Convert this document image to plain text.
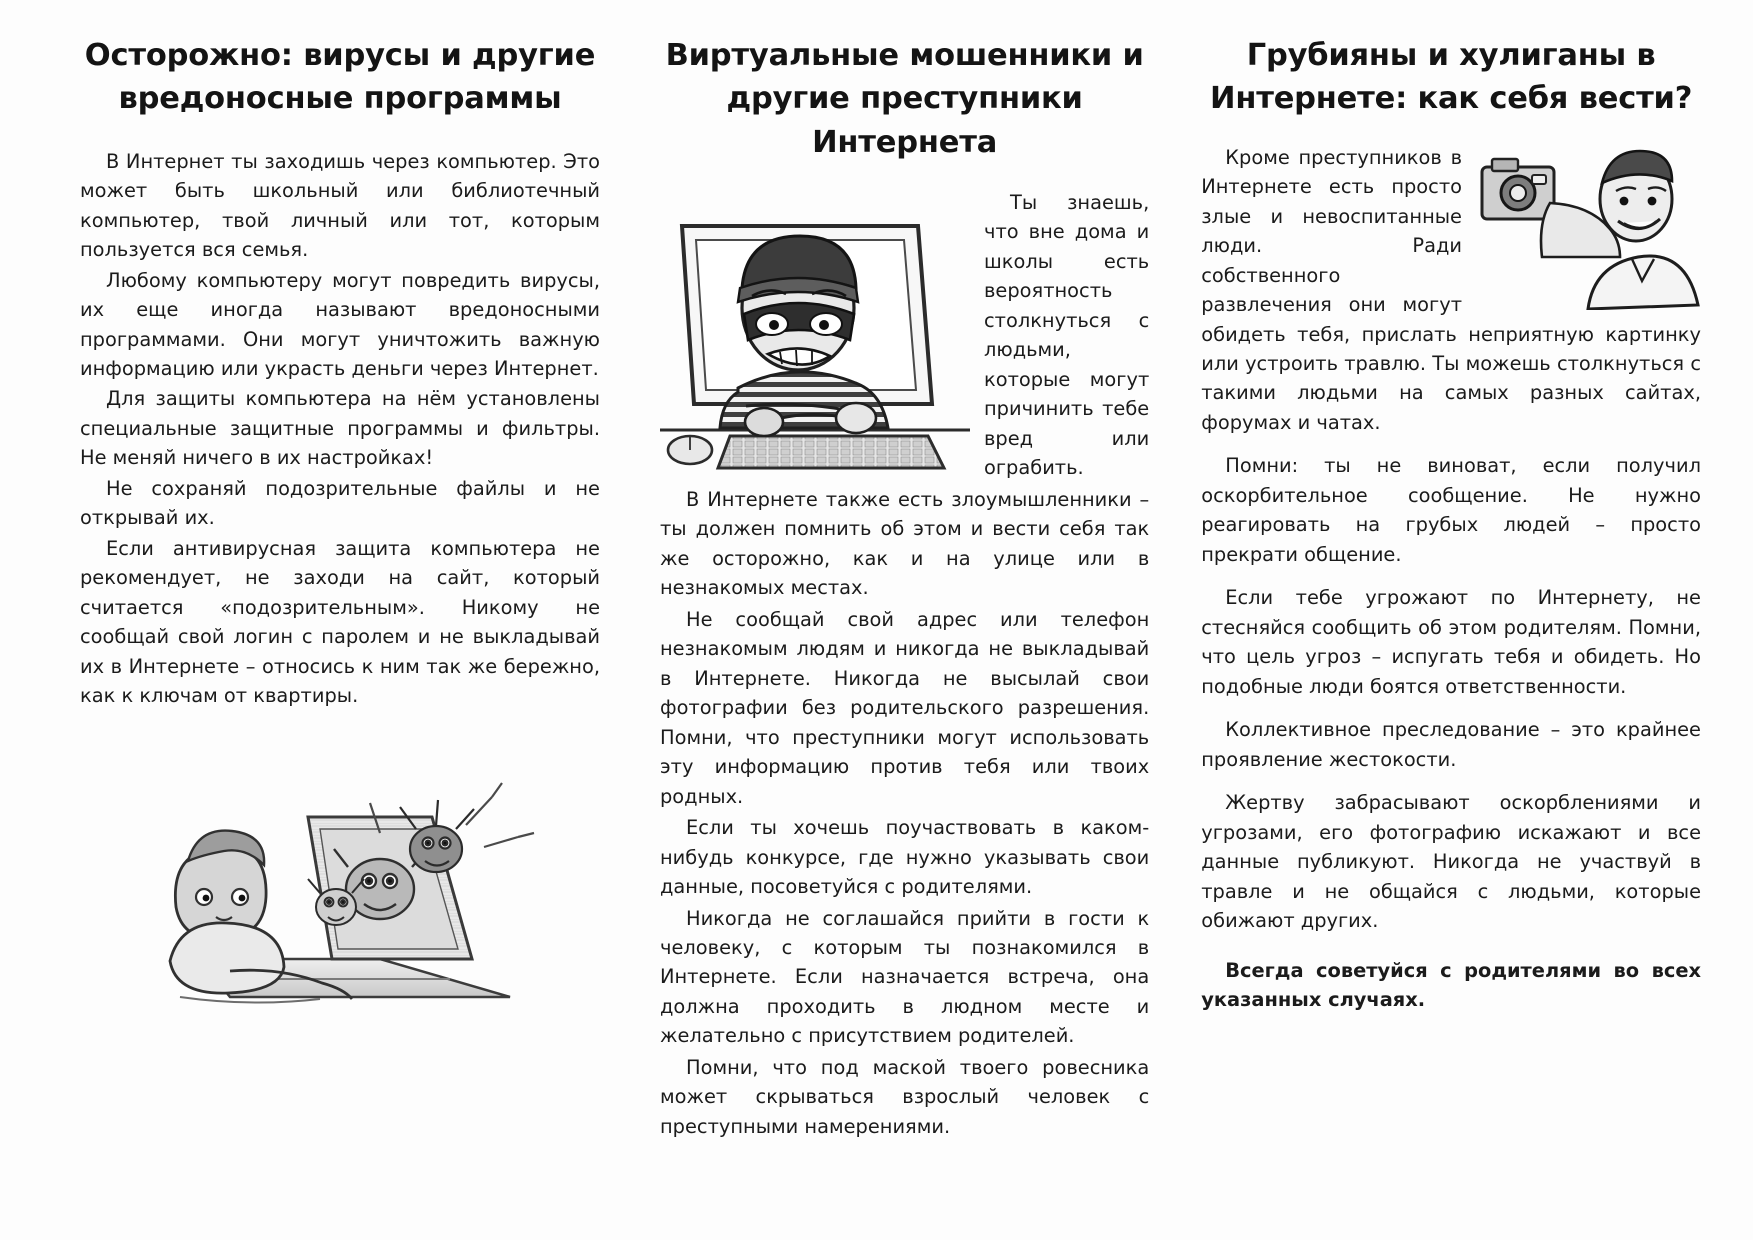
Осторожно: вирусы и другие вредоносные программы

В Интернет ты заходишь через компьютер. Это может быть школьный или библиотечный компьютер, твой личный или тот, которым пользуется вся семья.

Любому компьютеру могут повредить вирусы, их еще иногда называют вредоносными программами. Они могут уничтожить важную информацию или украсть деньги через Интернет.

Для защиты компьютера на нём установлены специальные защитные программы и фильтры. Не меняй ничего в их настройках!

Не сохраняй подозрительные файлы и не открывай их.

Если антивирусная защита компьютера не рекомендует, не заходи на сайт, который считается «подозрительным». Никому не сообщай свой логин с паролем и не выкладывай их в Интернете – относись к ним так же бережно, как к ключам от квартиры.

Виртуальные мошенники и другие преступники Интернета

Ты знаешь, что вне дома и школы есть вероятность столкнуться с людьми, которые могут причинить тебе вред или ограбить.

В Интернете также есть злоумышленники – ты должен помнить об этом и вести себя так же осторожно, как и на улице или в незнакомых местах.

Не сообщай свой адрес или телефон незнакомым людям и никогда не выкладывай в Интернете. Никогда не высылай свои фотографии без родительского разрешения. Помни, что преступники могут использовать эту информацию против тебя или твоих родных.

Если ты хочешь поучаствовать в каком-нибудь конкурсе, где нужно указывать свои данные, посоветуйся с родителями.

Никогда не соглашайся прийти в гости к человеку, с которым ты познакомился в Интернете. Если назначается встреча, она должна проходить в людном месте и желательно с присутствием родителей.

Помни, что под маской твоего ровесника может скрываться взрослый человек с преступными намерениями.

Грубияны и хулиганы в Интернете: как себя вести?

Кроме преступников в Интернете есть просто злые и невоспитанные люди. Ради собственного развлечения они могут обидеть тебя, прислать неприятную картинку или устроить травлю. Ты можешь столкнуться с такими людьми на самых разных сайтах, форумах и чатах.

Помни: ты не виноват, если получил оскорбительное сообщение. Не нужно реагировать на грубых людей – просто прекрати общение.

Если тебе угрожают по Интернету, не стесняйся сообщить об этом родителям. Помни, что цель угроз – испугать тебя и обидеть. Но подобные люди боятся ответственности.

Коллективное преследование – это крайнее проявление жестокости.

Жертву забрасывают оскорблениями и угрозами, его фотографию искажают и все данные публикуют. Никогда не участвуй в травле и не общайся с людьми, которые обижают других.

Всегда советуйся с родителями во всех указанных случаях.
